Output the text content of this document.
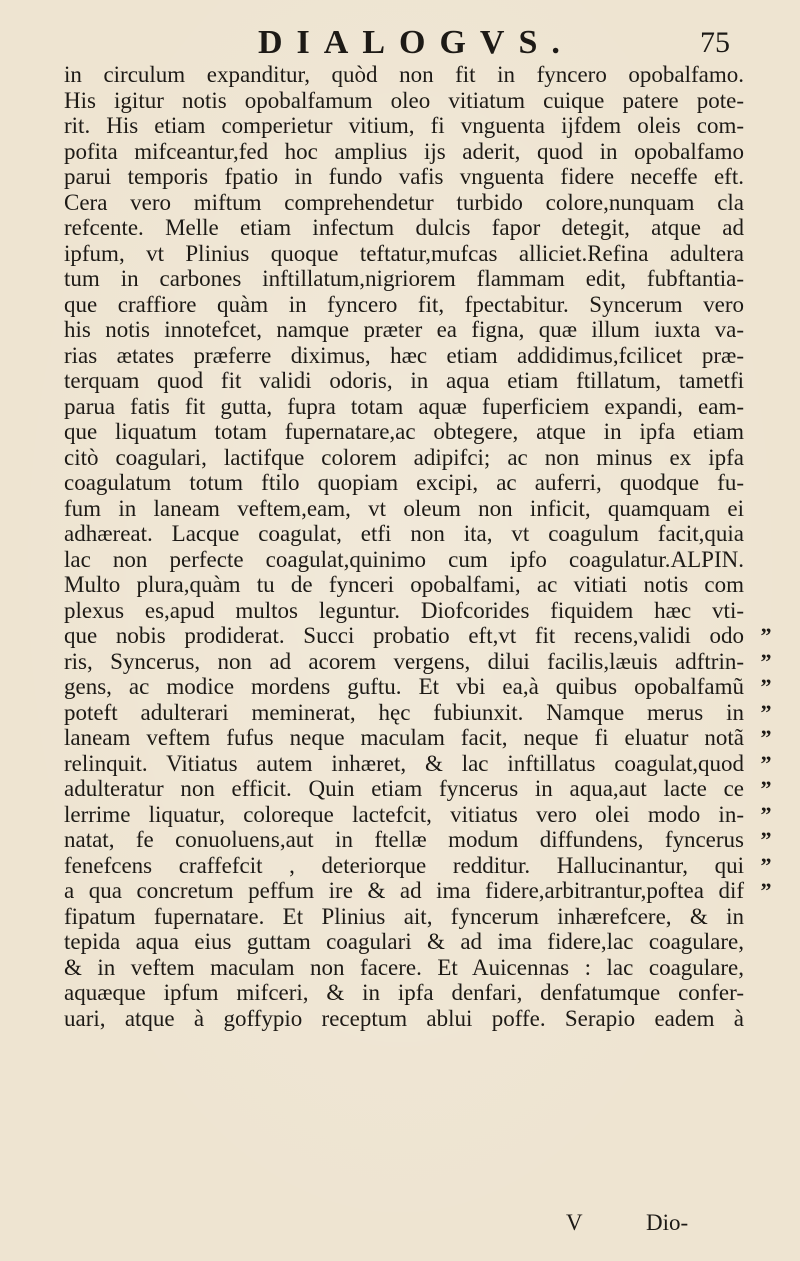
DIALOGVS.	75
in circulum expanditur, quòd non fit in fyncero opobalfamo.
His igitur notis opobalfamum oleo vitiatum cuique patere pote-
rit. His etiam comperietur vitium, fi vnguenta ijfdem oleis com-
pofita mifceantur,fed hoc amplius ijs aderit, quod in opobalfamo
parui temporis fpatio in fundo vafis vnguenta fidere neceffe eft.
Cera vero miftum comprehendetur turbido colore,nunquam cla
refcente. Melle etiam infectum dulcis fapor detegit, atque ad
ipfum, vt Plinius quoque teftatur,mufcas alliciet.Refina adultera
tum in carbones inftillatum,nigriorem flammam edit, fubftantia-
que craffiore quàm in fyncero fit, fpectabitur. Syncerum vero
his notis innotefcet, namque præter ea figna, quæ illum iuxta va-
rias ætates præferre diximus, hæc etiam addidimus,fcilicet præ-
terquam quod fit validi odoris, in aqua etiam ftillatum, tametfi
parua fatis fit gutta, fupra totam aquæ fuperficiem expandi, eam-
que liquatum totam fupernatare,ac obtegere, atque in ipfa etiam
citò coagulari, lactifque colorem adipifci; ac non minus ex ipfa
coagulatum totum ftilo quopiam excipi, ac auferri, quodque fu-
fum in laneam veftem,eam, vt oleum non inficit, quamquam ei
adhæreat. Lacque coagulat, etfi non ita, vt coagulum facit,quia
lac non perfecte coagulat,quinimo cum ipfo coagulatur.ALPIN.
Multo plura,quàm tu de fynceri opobalfami, ac vitiati notis com
plexus es,apud multos leguntur. Diofcorides fiquidem hæc vti-
que nobis prodiderat. Succi probatio eft,vt fit recens,validi odo
ris, Syncerus, non ad acorem vergens, dilui facilis,læuis adftrin-
gens, ac modice mordens guftu. Et vbi ea,à quibus opobalfamũ
poteft adulterari meminerat, hęc fubiunxit. Namque merus in
laneam veftem fufus neque maculam facit, neque fi eluatur notã
relinquit. Vitiatus autem inhæret, & lac inftillatus coagulat,quod
adulteratur non efficit. Quin etiam fyncerus in aqua,aut lacte ce
lerrime liquatur, coloreque lactefcit, vitiatus vero olei modo in-
natat, fe conuoluens,aut in ftellæ modum diffundens, fyncerus
fenefcens craffefcit , deteriorque redditur. Hallucinantur, qui
a qua concretum peffum ire & ad ima fidere,arbitrantur,poftea dif
fipatum fupernatare. Et Plinius ait, fyncerum inhærefcere, & in
tepida aqua eius guttam coagulari & ad ima fidere,lac coagulare,
& in veftem maculam non facere. Et Auicennas : lac coagulare,
aquæque ipfum mifceri, & in ipfa denfari, denfatumque confer-
uari, atque à goffypio receptum ablui poffe. Serapio eadem à
”
”
”
”
”
”
”
”
”
”
”
V	Dio-
